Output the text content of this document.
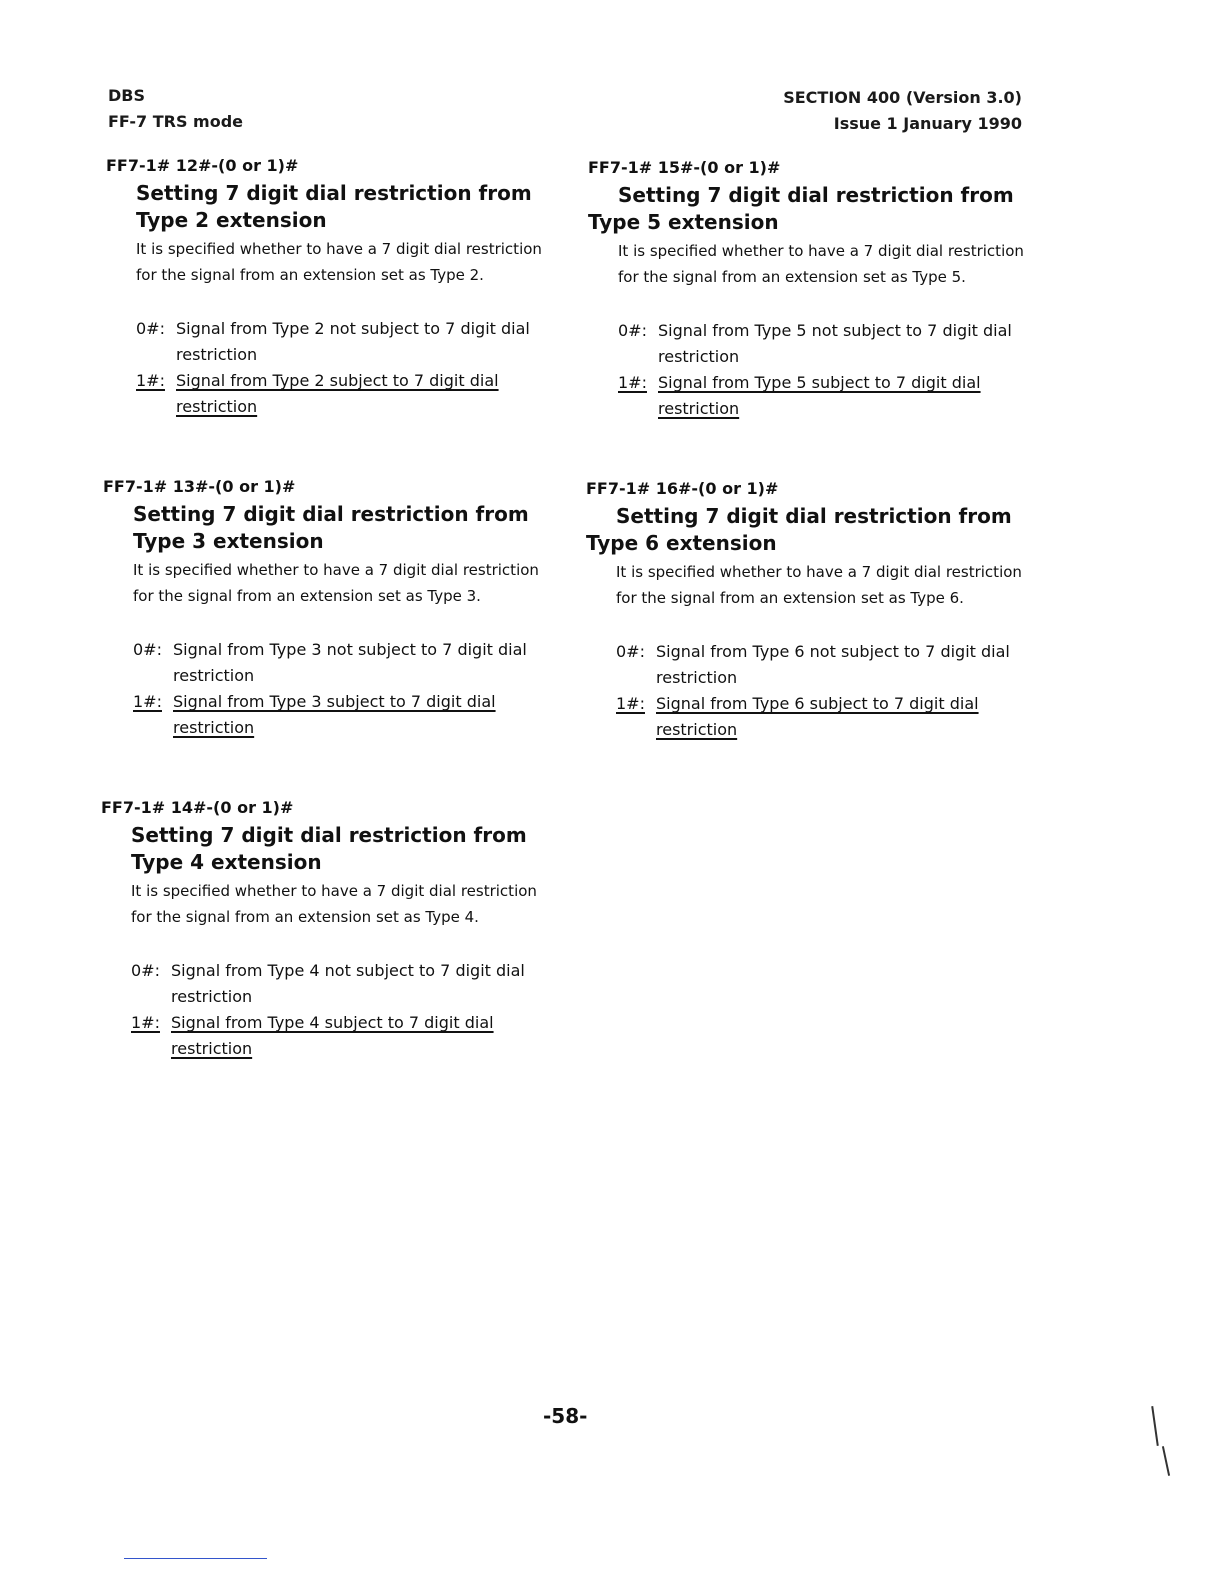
DBS
FF-7 TRS mode
SECTION 400 (Version 3.0)
Issue 1 January 1990

FF7-1# 12#-(0 or 1)#

Setting 7 digit dial restriction from Type 2 extension

It is specified whether to have a 7 digit dial restriction for the signal from an extension set as Type 2.

0#: Signal from Type 2 not subject to 7 digit dial restriction
1#: Signal from Type 2 subject to 7 digit dial restriction

FF7-1# 13#-(0 or 1)#

Setting 7 digit dial restriction from Type 3 extension

It is specified whether to have a 7 digit dial restriction for the signal from an extension set as Type 3.

0#: Signal from Type 3 not subject to 7 digit dial restriction
1#: Signal from Type 3 subject to 7 digit dial restriction

FF7-1# 14#-(0 or 1)#

Setting 7 digit dial restriction from Type 4 extension

It is specified whether to have a 7 digit dial restriction for the signal from an extension set as Type 4.

0#: Signal from Type 4 not subject to 7 digit dial restriction
1#: Signal from Type 4 subject to 7 digit dial restriction

FF7-1# 15#-(0 or 1)#

Setting 7 digit dial restriction from Type 5 extension

It is specified whether to have a 7 digit dial restriction for the signal from an extension set as Type 5.

0#: Signal from Type 5 not subject to 7 digit dial restriction
1#: Signal from Type 5 subject to 7 digit dial restriction

FF7-1# 16#-(0 or 1)#

Setting 7 digit dial restriction from Type 6 extension

It is specified whether to have a 7 digit dial restriction for the signal from an extension set as Type 6.

0#: Signal from Type 6 not subject to 7 digit dial restriction
1#: Signal from Type 6 subject to 7 digit dial restriction
-58-
